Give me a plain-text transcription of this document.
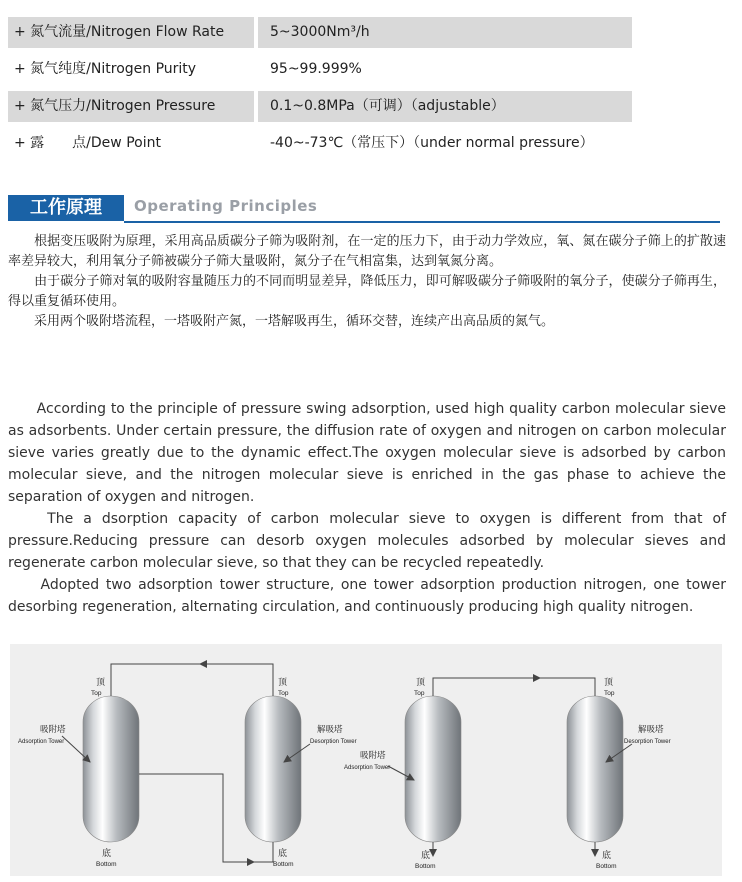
+ 氮气流量/Nitrogen Flow Rate	5~3000Nm³/h
+ 氮气纯度/Nitrogen Purity	95~99.999%
+ 氮气压力/Nitrogen Pressure	0.1~0.8MPa（可调）（adjustable）
+ 露　　点/Dew Point	-40~-73℃（常压下）（under normal pressure）
工作原理	Operating Principles

　　根据变压吸附为原理，采用高品质碳分子筛为吸附剂，在一定的压力下，由于动力学效应，氧、氮在碳分子筛上的扩散速率差异较大，利用氧分子筛被碳分子筛大量吸附，氮分子在气相富集，达到氧氮分离。

　　由于碳分子筛对氧的吸附容量随压力的不同而明显差异，降低压力，即可解吸碳分子筛吸附的氧分子，使碳分子筛再生，得以重复循环使用。

　　采用两个吸附塔流程，一塔吸附产氮，一塔解吸再生，循环交替，连续产出高品质的氮气。

　　According to the principle of pressure swing adsorption, used high quality carbon molecular sieve as adsorbents. Under certain pressure, the diffusion rate of oxygen and nitrogen on carbon molecular sieve varies greatly due to the dynamic effect.The oxygen molecular sieve is adsorbed by carbon molecular sieve, and the nitrogen molecular sieve is enriched in the gas phase to achieve the separation of oxygen and nitrogen.

　　The a dsorption capacity of carbon molecular sieve to oxygen is different from that of pressure.Reducing pressure can desorb oxygen molecules adsorbed by molecular sieves and regenerate carbon molecular sieve, so that they can be recycled repeatedly.

　　Adopted two adsorption tower structure, one tower adsorption production nitrogen, one tower desorbing regeneration, alternating circulation, and continuously producing high quality nitrogen.

顶
Top
顶
Top
吸附塔
Adsorption Tower
解吸塔
Desorption Tower
底
Bottom
底
Bottom
顶
Top
顶
Top
吸附塔
Adsorption Tower
解吸塔
Desorption Tower
底
Bottom
底
Bottom
